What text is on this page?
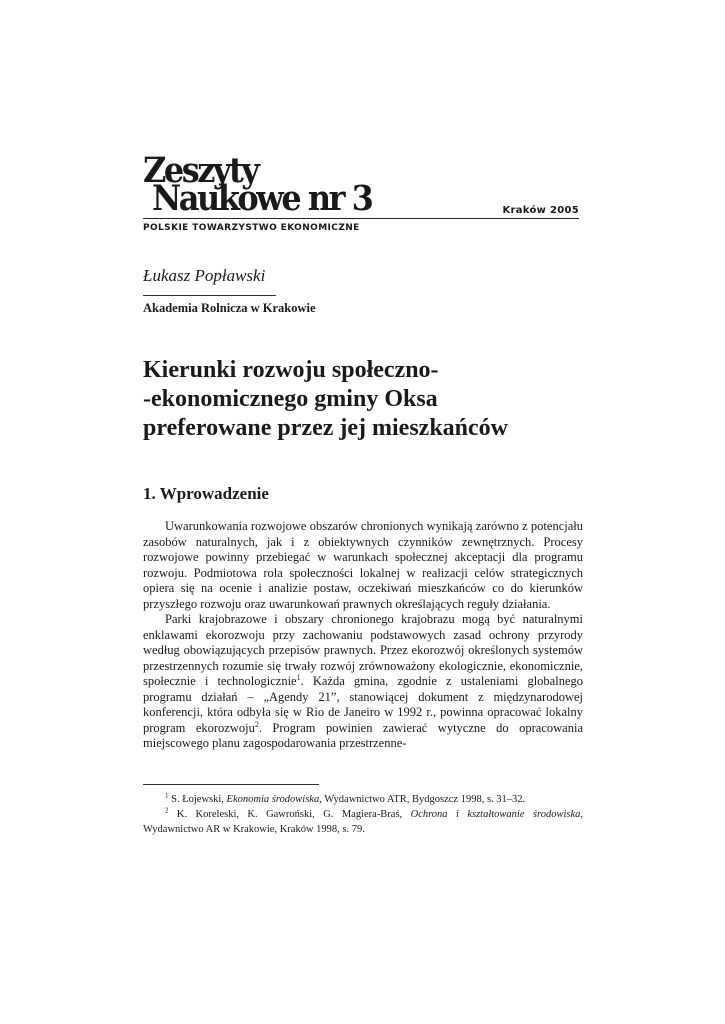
Zeszyty
Naukowe nr 3	Kraków 2005
POLSKIE TOWARZYSTWO EKONOMICZNE
Łukasz Popławski
Akademia Rolnicza w Krakowie
Kierunki rozwoju społeczno-
-ekonomicznego gminy Oksa
preferowane przez jej mieszkańców
1. Wprowadzenie

Uwarunkowania rozwojowe obszarów chronionych wynikają zarówno z potencjału zasobów naturalnych, jak i z obiektywnych czynników zewnętrznych. Procesy rozwojowe powinny przebiegać w warunkach społecznej akceptacji dla programu rozwoju. Podmiotowa rola społeczności lokalnej w realizacji celów strategicznych opiera się na ocenie i analizie postaw, oczekiwań mieszkańców co do kierunków przyszłego rozwoju oraz uwarunkowań prawnych określających reguły działania.

Parki krajobrazowe i obszary chronionego krajobrazu mogą być naturalnymi enklawami ekorozwoju przy zachowaniu podstawowych zasad ochrony przyrody według obowiązujących przepisów prawnych. Przez ekorozwój określonych systemów przestrzennych rozumie się trwały rozwój zrównoważony ekologicznie, ekonomicznie, społecznie i technologicznie$^1$. Każda gmina, zgodnie z ustaleniami globalnego programu działań – „Agendy 21”, stanowiącej dokument z międzynarodowej konferencji, która odbyła się w Rio de Janeiro w 1992 r., powinna opracować lokalny program ekorozwoju$^2$. Program powinien zawierać wytyczne do opracowania miejscowego planu zagospodarowania przestrzenne-

$^1$ S. Łojewski, Ekonomia środowiska, Wydawnictwo ATR, Bydgoszcz 1998, s. 31–32.

$^2$ K. Koreleski, K. Gawroński, G. Magiera-Braś, Ochrona i kształtowanie środowiska, Wydawnictwo AR w Krakowie, Kraków 1998, s. 79.
